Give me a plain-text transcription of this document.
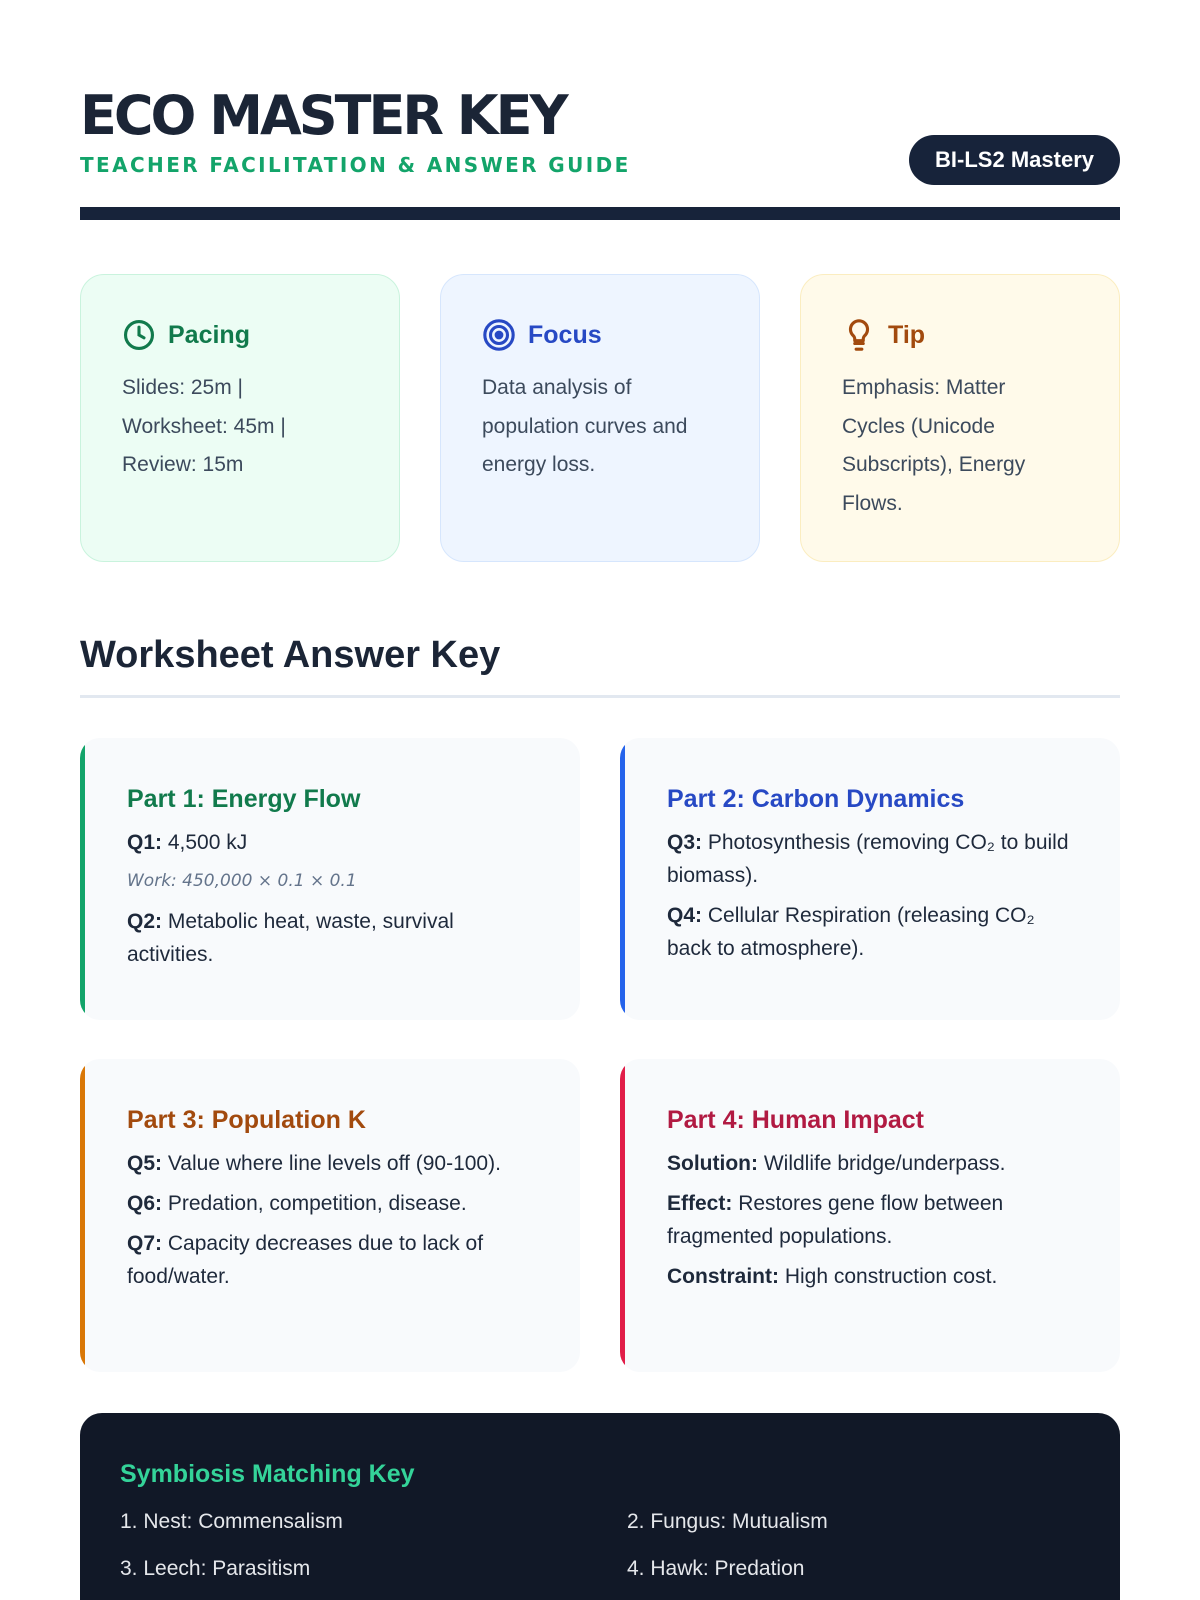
ECO MASTER KEY
TEACHER FACILITATION & ANSWER GUIDE	BI-LS2 Mastery
Pacing
Slides: 25m |
Worksheet: 45m |
Review: 15m
Focus
Data analysis of
population curves and
energy loss.
Tip
Emphasis: Matter
Cycles (Unicode
Subscripts), Energy
Flows.
Worksheet Answer Key
Part 1: Energy Flow
Q1: 4,500 kJ
Work: 450,000 × 0.1 × 0.1
Q2: Metabolic heat, waste, survival activities.
Part 2: Carbon Dynamics
Q3: Photosynthesis (removing CO₂ to build biomass).
Q4: Cellular Respiration (releasing CO₂ back to atmosphere).
Part 3: Population K
Q5: Value where line levels off (90-100).
Q6: Predation, competition, disease.
Q7: Capacity decreases due to lack of food/water.
Part 4: Human Impact
Solution: Wildlife bridge/underpass.
Effect: Restores gene flow between fragmented populations.
Constraint: High construction cost.
Symbiosis Matching Key
1. Nest: Commensalism	2. Fungus: Mutualism
3. Leech: Parasitism	4. Hawk: Predation
